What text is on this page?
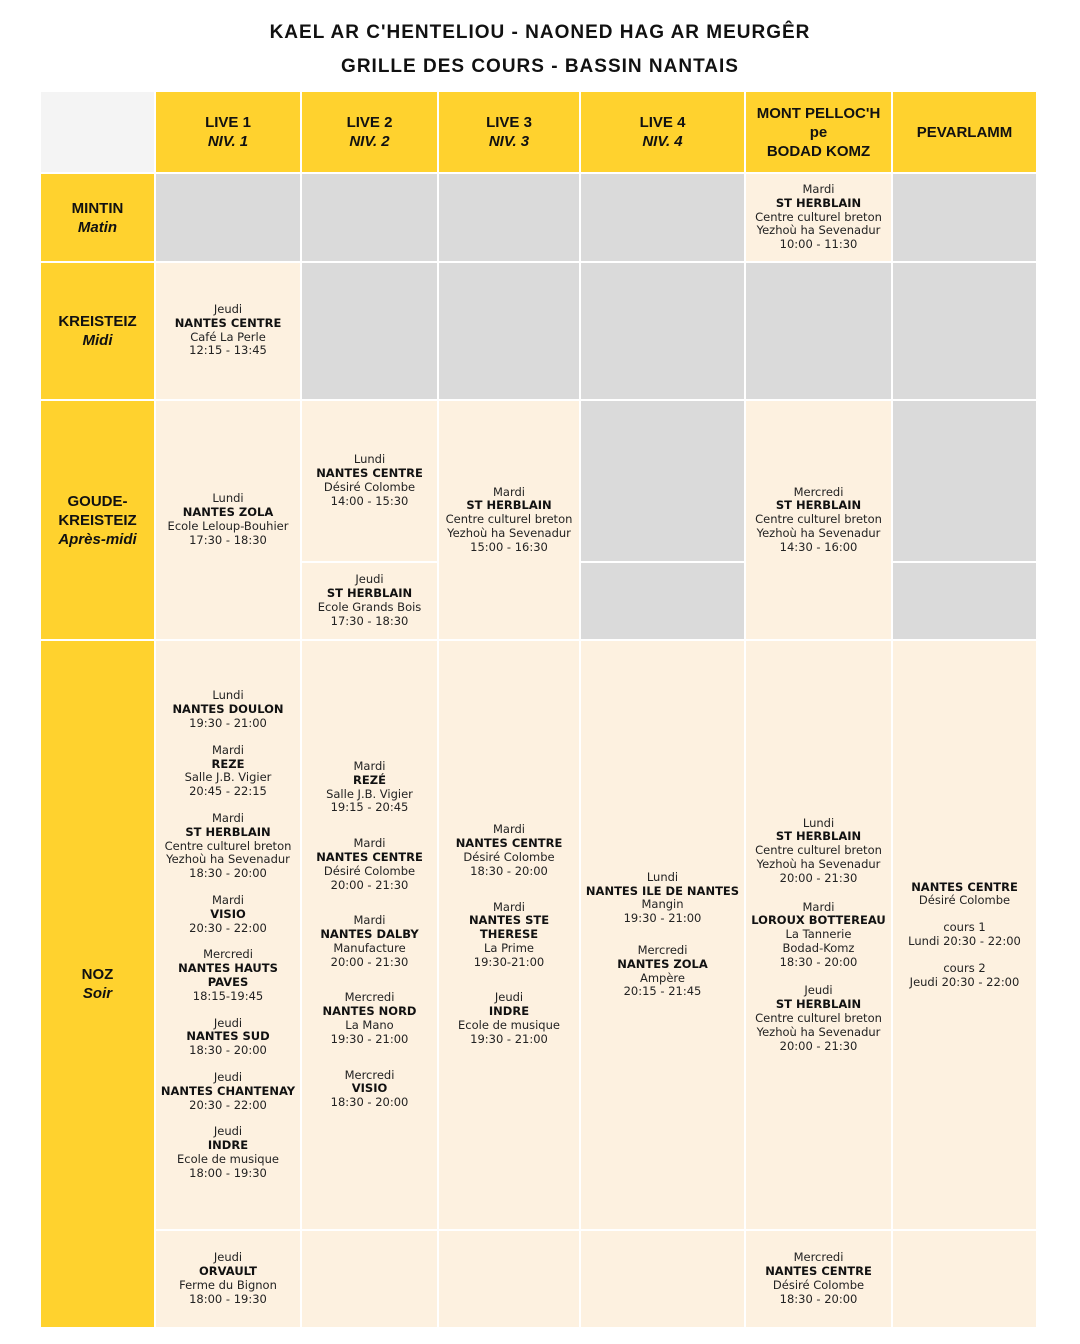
KAEL AR C'HENTELIOU - NAONED HAG AR MEURGÊR
GRILLE DES COURS - BASSIN NANTAIS
LIVE 1
NIV. 1
LIVE 2
NIV. 2
LIVE 3
NIV. 3
LIVE 4
NIV. 4
MONT PELLOC'H
pe
BODAD KOMZ
PEVARLAMM
MINTIN
Matin
KREISTEIZ
Midi
GOUDE-
KREISTEIZ
Après-midi
NOZ
Soir
Mardi
ST HERBLAIN
Centre culturel breton
Yezhoù ha Sevenadur
10:00 - 11:30
Jeudi
NANTES CENTRE
Café La Perle
12:15 - 13:45
Lundi
NANTES ZOLA
Ecole Leloup-Bouhier
17:30 - 18:30
Lundi
NANTES CENTRE
Désiré Colombe
14:00 - 15:30
Jeudi
ST HERBLAIN
Ecole Grands Bois
17:30 - 18:30
Mardi
ST HERBLAIN
Centre culturel breton
Yezhoù ha Sevenadur
15:00 - 16:30
Mercredi
ST HERBLAIN
Centre culturel breton
Yezhoù ha Sevenadur
14:30 - 16:00
Lundi
NANTES DOULON
19:30 - 21:00
Mardi
REZE
Salle J.B. Vigier
20:45 - 22:15
Mardi
ST HERBLAIN
Centre culturel breton
Yezhoù ha Sevenadur
18:30 - 20:00
Mardi
VISIO
20:30 - 22:00
Mercredi
NANTES HAUTS PAVES
18:15-19:45
Jeudi
NANTES SUD
18:30 - 20:00
Jeudi
NANTES CHANTENAY
20:30 - 22:00
Jeudi
INDRE
Ecole de musique
18:00 - 19:30
Mardi
REZÉ
Salle J.B. Vigier
19:15 - 20:45
Mardi
NANTES CENTRE
Désiré Colombe
20:00 - 21:30
Mardi
NANTES DALBY
Manufacture
20:00 - 21:30
Mercredi
NANTES NORD
La Mano
19:30 - 21:00
Mercredi
VISIO
18:30 - 20:00
Mardi
NANTES CENTRE
Désiré Colombe
18:30 - 20:00
Mardi
NANTES STE THERESE
La Prime
19:30-21:00
Jeudi
INDRE
Ecole de musique
19:30 - 21:00
Lundi
NANTES ILE DE NANTES
Mangin
19:30 - 21:00
Mercredi
NANTES ZOLA
Ampère
20:15 - 21:45
Lundi
ST HERBLAIN
Centre culturel breton
Yezhoù ha Sevenadur
20:00 - 21:30
Mardi
LOROUX BOTTEREAU
La Tannerie
Bodad-Komz
18:30 - 20:00
Jeudi
ST HERBLAIN
Centre culturel breton
Yezhoù ha Sevenadur
20:00 - 21:30
NANTES CENTRE
Désiré Colombe
cours 1
Lundi 20:30 - 22:00
cours 2
Jeudi 20:30 - 22:00
Jeudi
ORVAULT
Ferme du Bignon
18:00 - 19:30
Mercredi
NANTES CENTRE
Désiré Colombe
18:30 - 20:00
